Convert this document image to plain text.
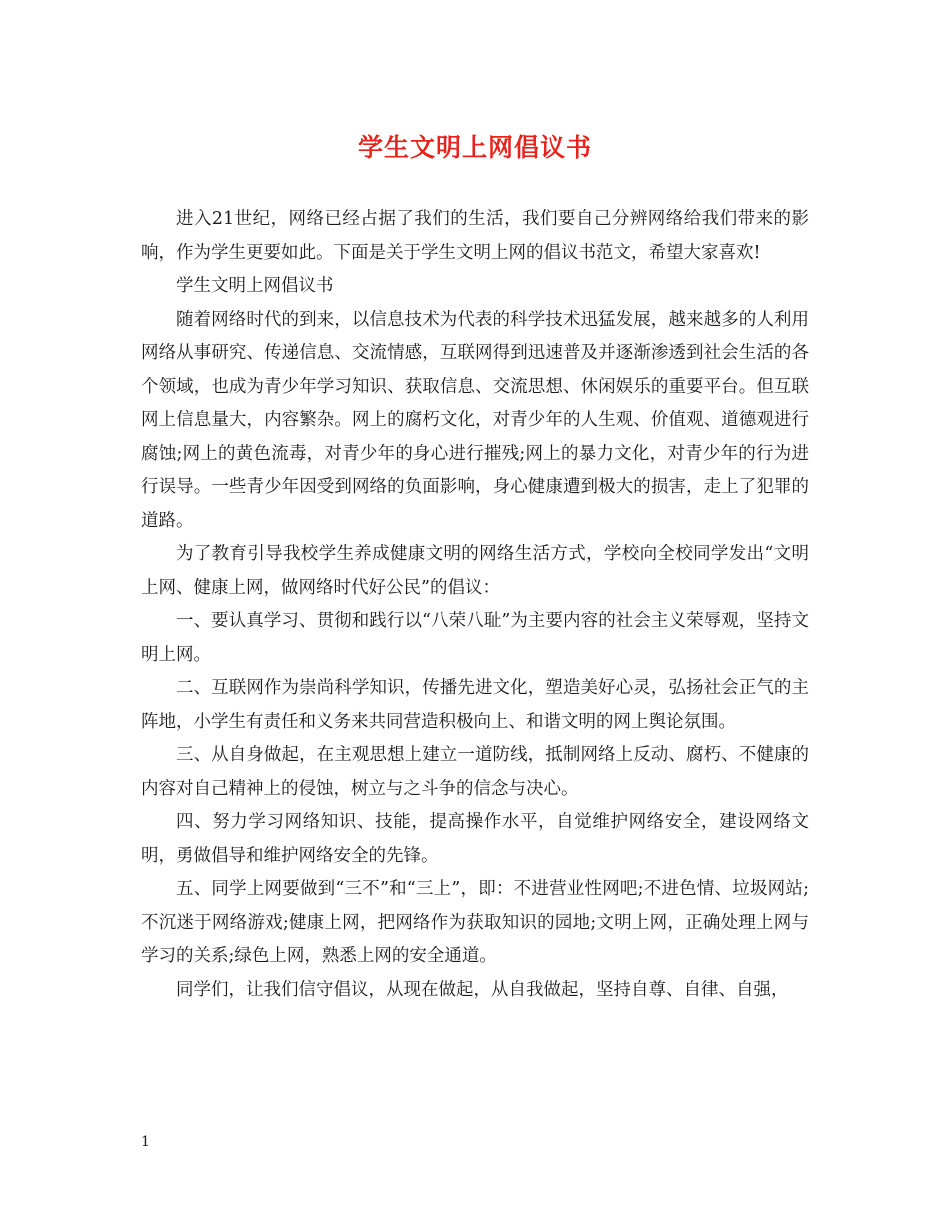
学生文明上网倡议书

进入21世纪，网络已经占据了我们的生活，我们要自己分辨网络给我们带来的影响，作为学生更要如此。下面是关于学生文明上网的倡议书范文，希望大家喜欢!

学生文明上网倡议书

随着网络时代的到来，以信息技术为代表的科学技术迅猛发展，越来越多的人利用网络从事研究、传递信息、交流情感，互联网得到迅速普及并逐渐渗透到社会生活的各个领域，也成为青少年学习知识、获取信息、交流思想、休闲娱乐的重要平台。但互联网上信息量大，内容繁杂。网上的腐朽文化，对青少年的人生观、价值观、道德观进行腐蚀;网上的黄色流毒，对青少年的身心进行摧残;网上的暴力文化，对青少年的行为进行误导。一些青少年因受到网络的负面影响，身心健康遭到极大的损害，走上了犯罪的道路。

为了教育引导我校学生养成健康文明的网络生活方式，学校向全校同学发出“文明上网、健康上网，做网络时代好公民”的倡议：

一、要认真学习、贯彻和践行以“八荣八耻”为主要内容的社会主义荣辱观，坚持文明上网。

二、互联网作为崇尚科学知识，传播先进文化，塑造美好心灵，弘扬社会正气的主阵地，小学生有责任和义务来共同营造积极向上、和谐文明的网上舆论氛围。

三、从自身做起，在主观思想上建立一道防线，抵制网络上反动、腐朽、不健康的内容对自己精神上的侵蚀，树立与之斗争的信念与决心。

四、努力学习网络知识、技能，提高操作水平，自觉维护网络安全，建设网络文明，勇做倡导和维护网络安全的先锋。

五、同学上网要做到“三不”和“三上”，即：不进营业性网吧;不进色情、垃圾网站;不沉迷于网络游戏;健康上网，把网络作为获取知识的园地;文明上网，正确处理上网与学习的关系;绿色上网，熟悉上网的安全通道。

同学们，让我们信守倡议，从现在做起，从自我做起，坚持自尊、自律、自强，

1
